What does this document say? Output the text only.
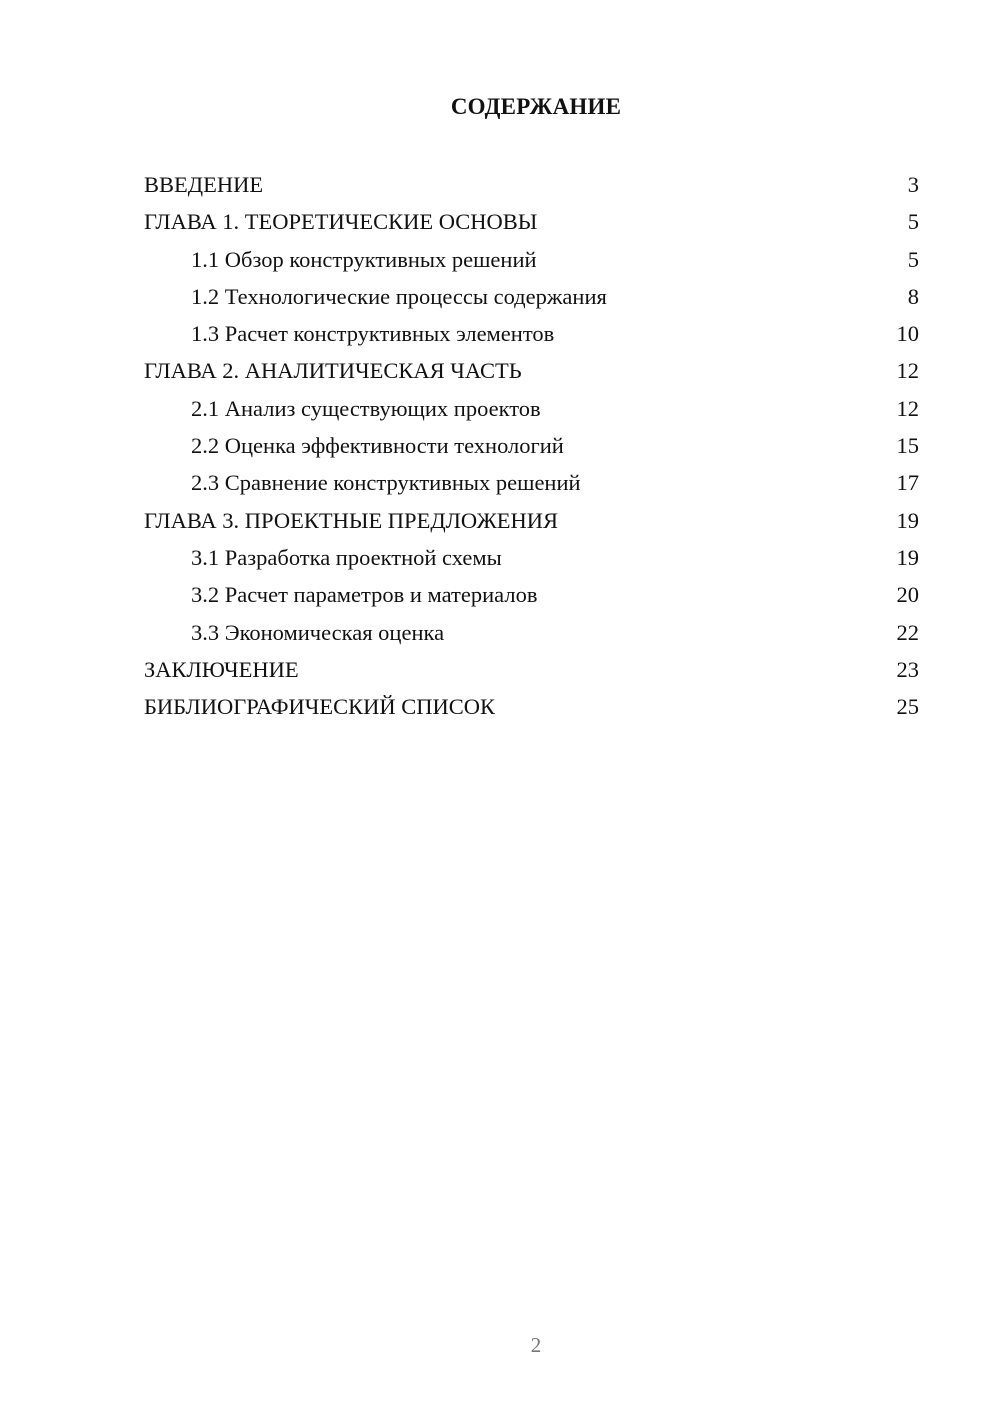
СОДЕРЖАНИЕ
ВВЕДЕНИЕ	3
ГЛАВА 1. ТЕОРЕТИЧЕСКИЕ ОСНОВЫ	5
1.1 Обзор конструктивных решений	5
1.2 Технологические процессы содержания	8
1.3 Расчет конструктивных элементов	10
ГЛАВА 2. АНАЛИТИЧЕСКАЯ ЧАСТЬ	12
2.1 Анализ существующих проектов	12
2.2 Оценка эффективности технологий	15
2.3 Сравнение конструктивных решений	17
ГЛАВА 3. ПРОЕКТНЫЕ ПРЕДЛОЖЕНИЯ	19
3.1 Разработка проектной схемы	19
3.2 Расчет параметров и материалов	20
3.3 Экономическая оценка	22
ЗАКЛЮЧЕНИЕ	23
БИБЛИОГРАФИЧЕСКИЙ СПИСОК	25
2
